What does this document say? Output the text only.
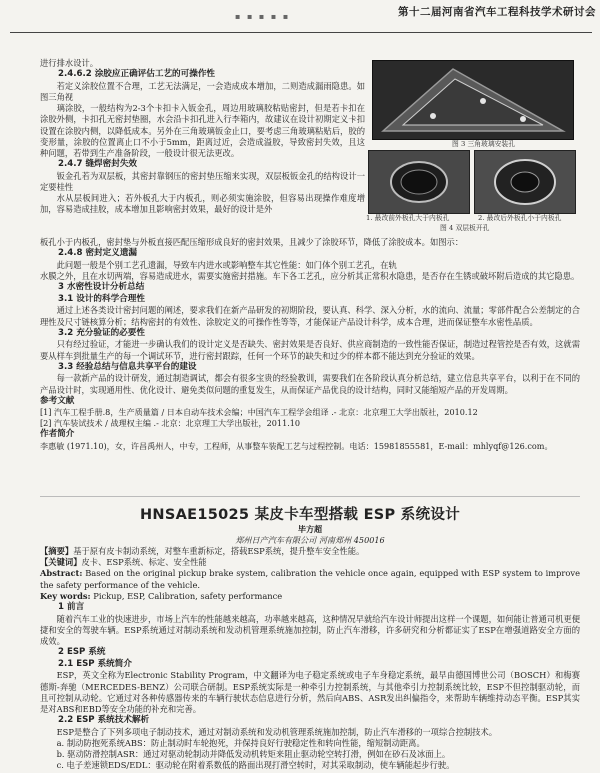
▪ ▪ ▪ ▪ ▪	第十二届河南省汽车工程科技学术研讨会

进行排水设计。

2.4.6.2 涂胶应正确评估工艺的可操作性

若定义涂胶位置不合理，工艺无法满足，一会造成成本增加，二则造成漏雨隐患。如图三角视

璃涂胶，一般结构为2-3个卡扣卡入钣金孔，周边用玻璃胶粘贴密封，但是若卡扣在涂胶外侧，卡扣孔无密封垫圈，水会沿卡扣孔进入行李箱内，故建议在设计初期定义卡扣设置在涂胶内侧，以降低成本。另外在三角玻璃钣金止口，要考虑三角玻璃粘贴后，胶的变形量，涂胶的位置离止口不小于5mm，距离过近，会造成溢胶，导致密封失效，且这种问题，若带到生产准备阶段，一般设计很无法更改。

2.4.7 缝焊密封失效

钣金孔若为双层板，其密封靠钢压的密封垫压缩来实现，双层板钣金孔的结构设计一定要桂性

水从层板间进入；若外板孔大于内板孔，则必须实施涂胶，但容易出现操作难度增加，容易造成挂胶，成本增加且影响密封效果，最好的设计是外

图 3 三角玻璃安装孔
1. 最改前外板孔大于内板孔	2. 最改后外板孔小于内板孔
图 4 双层板开孔

板孔小于内板孔，密封垫与外板直接匹配压缩形成良好的密封效果，且减少了涂胶环节，降低了涂胶成本。如图示：

2.4.8 密封定义遗漏

此问题一般是个别工艺孔遗漏，导致车内进水或影响整车其它性能：如门体个别工艺孔，在轨

水膜之外，且在水切两端，容易造成进水，需要实施密封措施。车下各工艺孔，应分析其正常积水隐患，是否存在生锈或破坏附后造成的其它隐患。

3 水密性设计分析总结

3.1 设计的科学合理性

通过上述各类设计密封问题的阐述，要求我们在新产品研发的初期阶段，要认真、科学、深入分析，水的流向、流量；零部件配合公差制定的合理性及尺寸链核算分析；结构密封的有效性、涂胶定义的可操作性等等，才能保证产品设计科学，成本合理，进而保证整车水密性品质。

3.2 充分验证的必要性

只有经过验证，才能进一步确认我们的设计定义是否缺失、密封效果是否良好、供应商制造的一致性能否保证，制造过程管控是否有效，这就需要从样车到批量生产的每一个调试环节，进行密封跟踪，任何一个环节的缺失和过少的样本都不能达到充分验证的效果。

3.3 经验总结与信息共享平台的建设

每一款新产品的设计研发，通过制造调试，都会有很多宝贵的经验教训，需要我们在各阶段认真分析总结，建立信息共享平台，以利于在不同的产品设计时，实现通用性、优化设计、避免类似问题的重复发生，从而保证产品优良的设计结构，同时又能缩短产品的开发周期。

参考文献

[1] 汽车工程手册.8，生产质量篇 / 日本自动车技术会编；中国汽车工程学会组译 .- 北京：北京理工大学出版社，2010.12

[2] 汽车装试技术 / 战理权主编 .- 北京：北京理工大学出版社，2011.10

作者简介

李惠敏 (1971.10)，女，许昌禹州人，中专，工程师，从事整车装配工艺与过程控制。电话：15981855581，E-mail：mhlyqf@126.com。

HNSAE15025 某皮卡车型搭载 ESP 系统设计

毕方超

郑州日产汽车有限公司 河南郑州 450016

【摘要】基于原有皮卡制动系统，对整车重新标定，搭载ESP系统，提升整车安全性能。

【关键词】皮卡、ESP系统、标定、安全性能

Abstract: Based on the original pickup brake system, calibration the vehicle once again, equipped with ESP system to improve the safety performance of the vehicle.

Key words: Pickup, ESP, Calibration, safety performance

1 前言

随着汽车工业的快速进步，市场上汽车的性能越来越高，功率越来越高，这种情况早就给汽车设计师提出这样一个课题，如何能让普通司机更便捷和安全的驾驶车辆。ESP系统通过对制动系统和发动机管理系统施加控制，防止汽车滑移，许多研究和分析都证实了ESP在增强道路安全方面的成效。

2 ESP 系统

2.1 ESP 系统简介

ESP，英文全称为Electronic Stability Program，中文翻译为电子稳定系统或电子车身稳定系统，最早由德国博世公司（BOSCH）和梅赛德斯-奔驰（MERCEDES-BENZ）公司联合研制。ESP系统实际是一种牵引力控制系统，与其他牵引力控制系统比较，ESP不但控制驱动轮，而且可控制从动轮。它通过对各种传感器传来的车辆行驶状态信息进行分析，然后向ABS、ASR发出纠偏指令，来帮助车辆维持动态平衡。ESP其实是对ABS和EBD等安全功能的补充和完善。

2.2 ESP 系统技术解析

ESP是整合了下列多项电子制动技术，通过对制动系统和发动机管理系统施加控制，防止汽车滑移的一项综合控制技术。

a. 制动防抱死系统ABS：防止制动时车轮抱死，并保持良好行驶稳定性和转向性能，缩短制动距离。

b. 驱动防滑控制ASR：通过对驱动轮制动并降低发动机转矩来阻止驱动轮空转打滑，例如在砂石及冰面上。

c. 电子差速锁EDS/EDL：驱动轮在附着系数低的路面出现打滑空转时，对其采取制动，使车辆能起步行驶。
